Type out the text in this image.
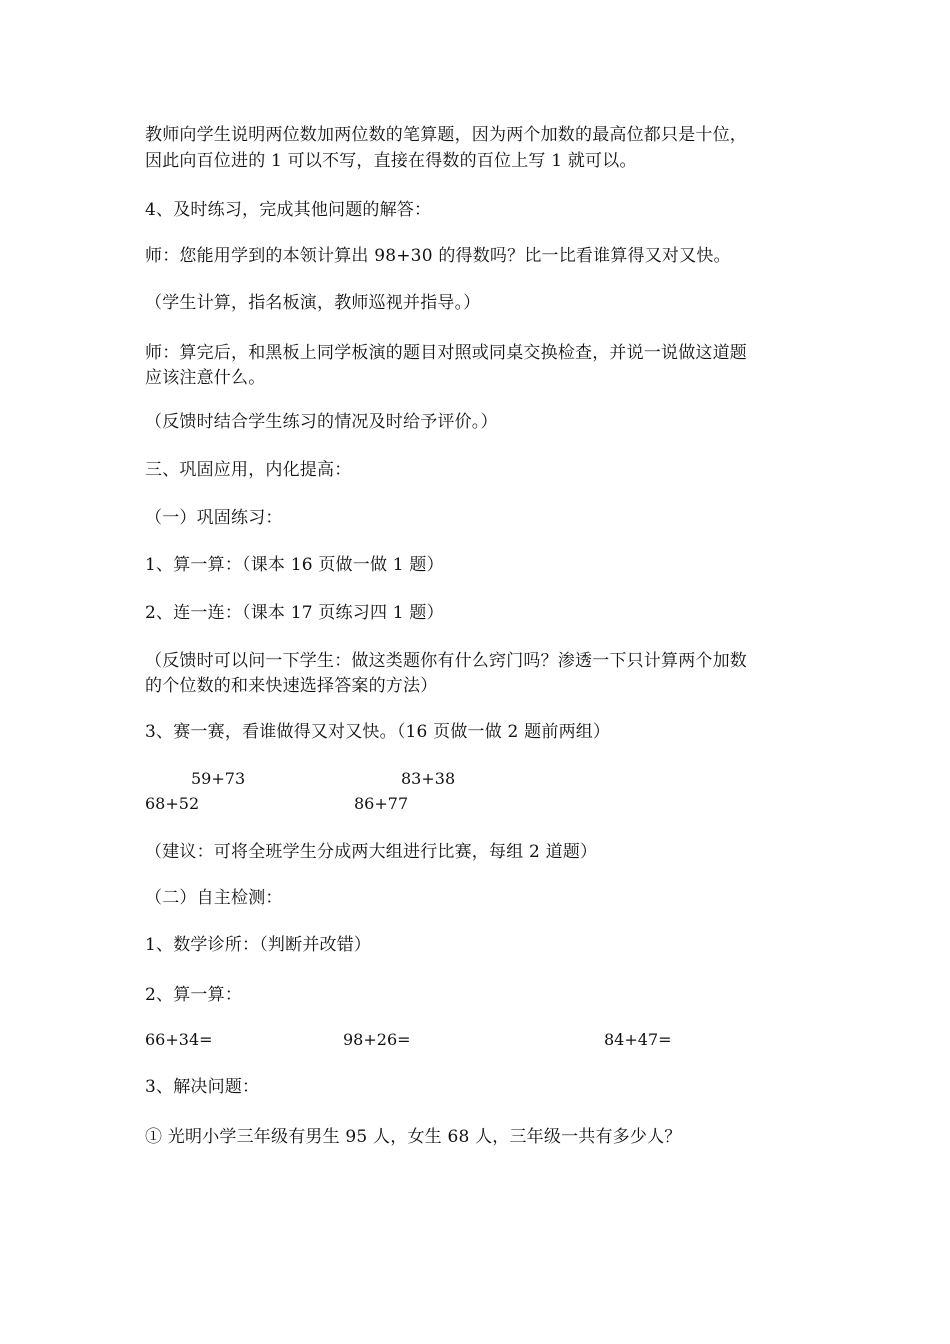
教师向学生说明两位数加两位数的笔算题，因为两个加数的最高位都只是十位，
因此向百位进的 1 可以不写，直接在得数的百位上写 1 就可以。
4、及时练习，完成其他问题的解答：
师：您能用学到的本领计算出 98+30 的得数吗？比一比看谁算得又对又快。
（学生计算，指名板演，教师巡视并指导。）
师：算完后，和黑板上同学板演的题目对照或同桌交换检查，并说一说做这道题
应该注意什么。
（反馈时结合学生练习的情况及时给予评价。）
三、巩固应用，内化提高：
（一）巩固练习：
1、算一算：（课本 16 页做一做 1 题）
2、连一连：（课本 17 页练习四 1 题）
（反馈时可以问一下学生：做这类题你有什么窍门吗？渗透一下只计算两个加数
的个位数的和来快速选择答案的方法）
3、赛一赛，看谁做得又对又快。（16 页做一做 2 题前两组）
59+73	83+38
68+52	86+77
（建议：可将全班学生分成两大组进行比赛，每组 2 道题）
（二）自主检测：
1、数学诊所：（判断并改错）
2、算一算：
66+34=	98+26=	84+47=
3、解决问题：
① 光明小学三年级有男生 95 人，女生 68 人，三年级一共有多少人？
